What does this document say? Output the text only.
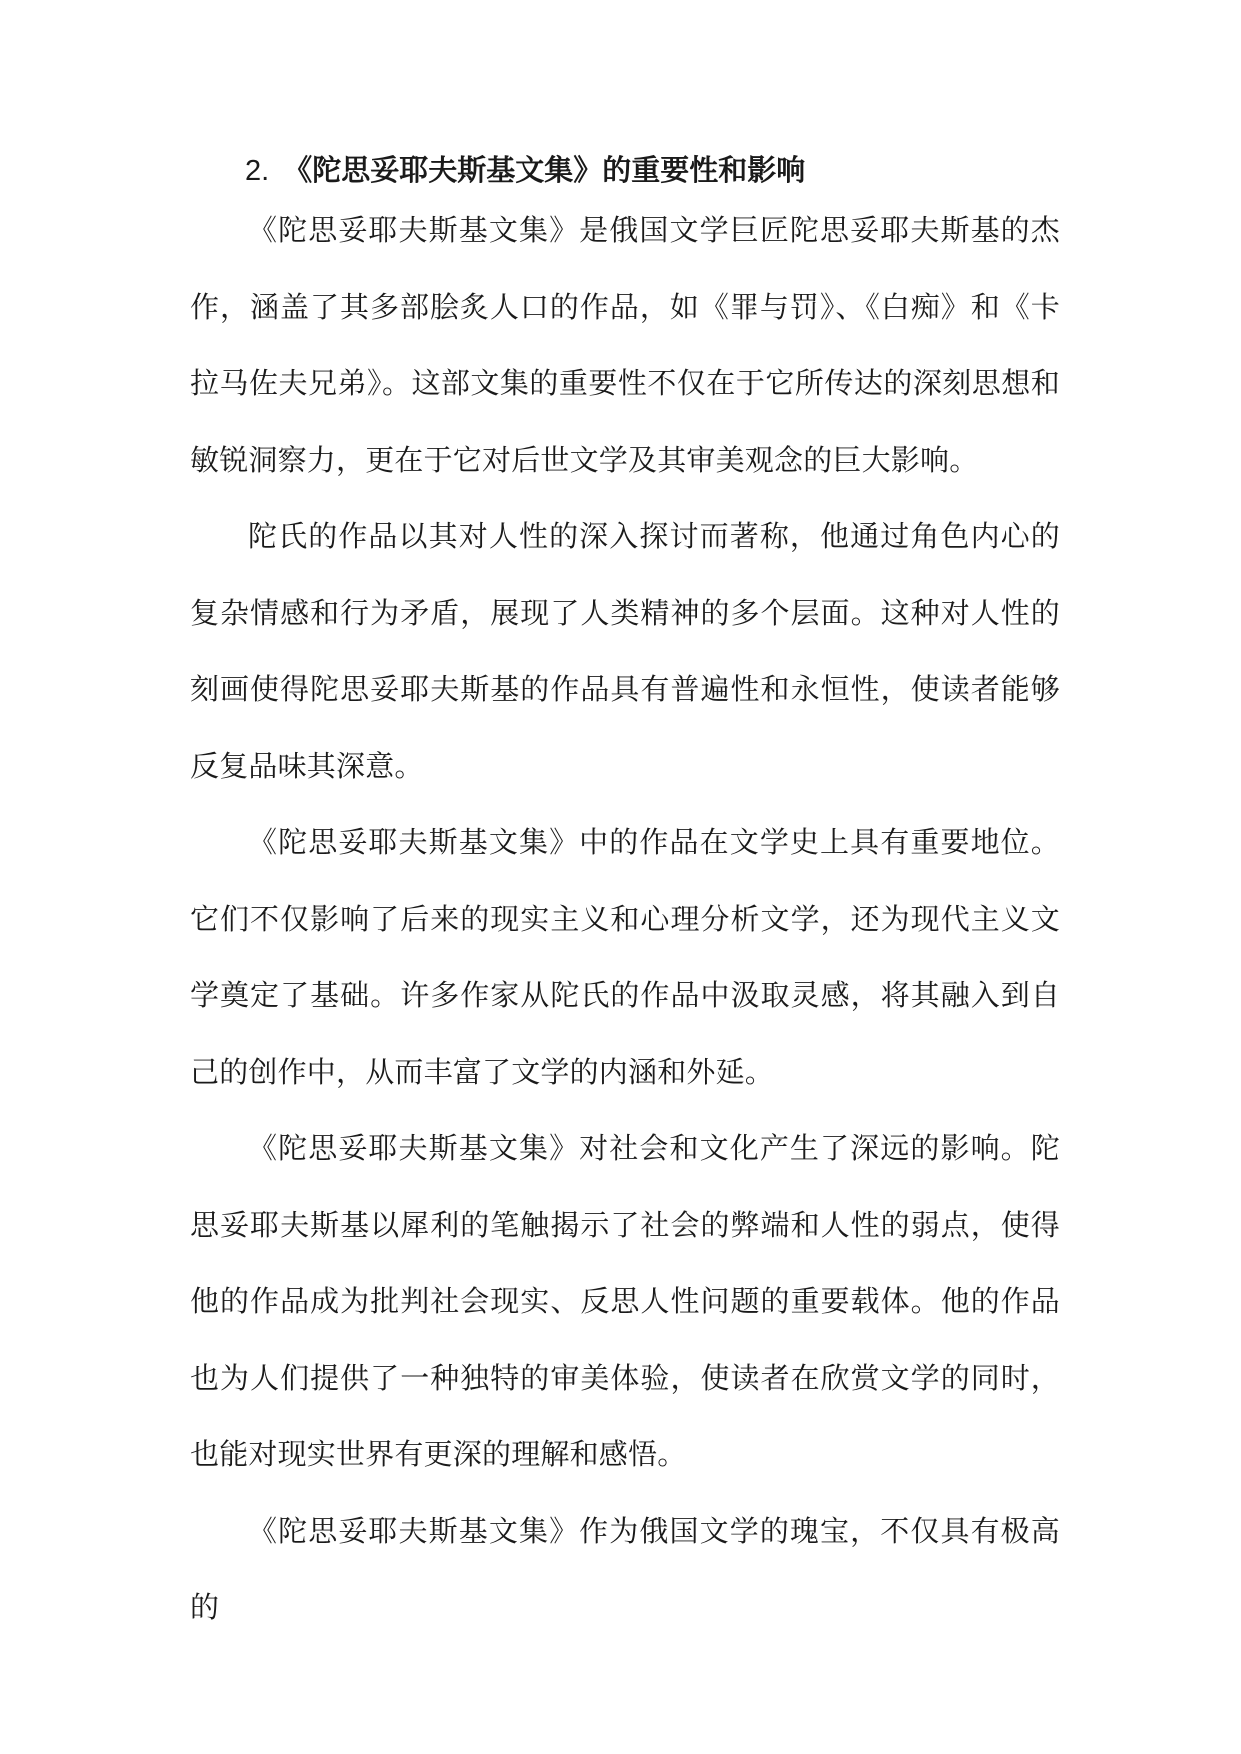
2. 《陀思妥耶夫斯基文集》的重要性和影响

《陀思妥耶夫斯基文集》是俄国文学巨匠陀思妥耶夫斯基的杰作，涵盖了其多部脍炙人口的作品，如《罪与罚》、《白痴》和《卡拉马佐夫兄弟》。这部文集的重要性不仅在于它所传达的深刻思想和敏锐洞察力，更在于它对后世文学及其审美观念的巨大影响。

陀氏的作品以其对人性的深入探讨而著称，他通过角色内心的复杂情感和行为矛盾，展现了人类精神的多个层面。这种对人性的刻画使得陀思妥耶夫斯基的作品具有普遍性和永恒性，使读者能够反复品味其深意。

《陀思妥耶夫斯基文集》中的作品在文学史上具有重要地位。它们不仅影响了后来的现实主义和心理分析文学，还为现代主义文学奠定了基础。许多作家从陀氏的作品中汲取灵感，将其融入到自己的创作中，从而丰富了文学的内涵和外延。

《陀思妥耶夫斯基文集》对社会和文化产生了深远的影响。陀思妥耶夫斯基以犀利的笔触揭示了社会的弊端和人性的弱点，使得他的作品成为批判社会现实、反思人性问题的重要载体。他的作品也为人们提供了一种独特的审美体验，使读者在欣赏文学的同时，也能对现实世界有更深的理解和感悟。

《陀思妥耶夫斯基文集》作为俄国文学的瑰宝，不仅具有极高的
